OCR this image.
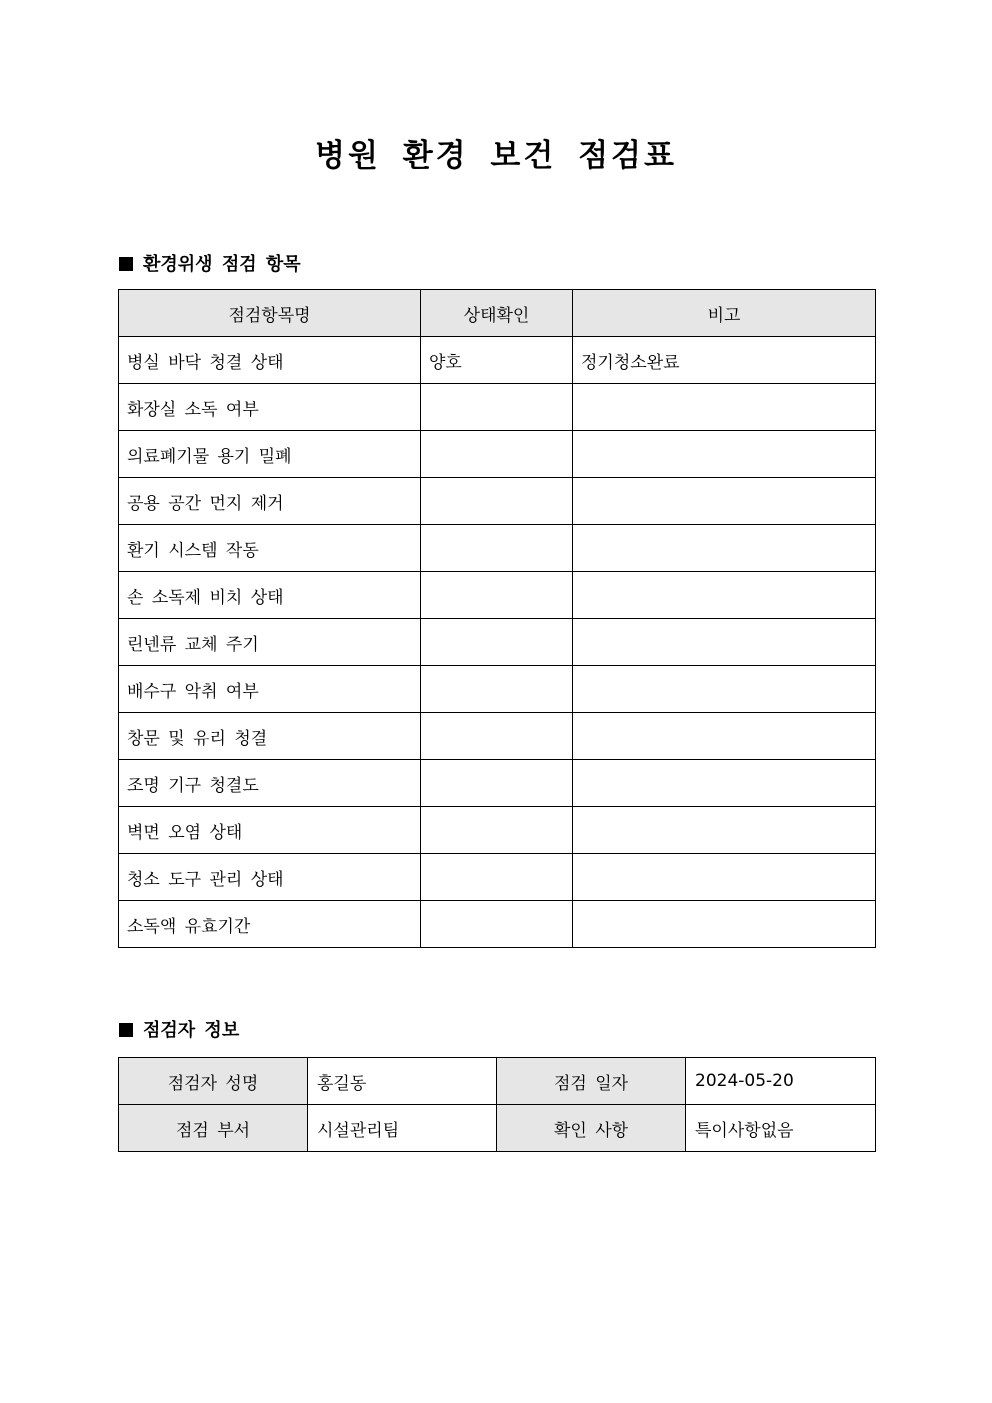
병원 환경 보건 점검표
환경위생 점검 항목
점검항목명	상태확인	비고
병실 바닥 청결 상태	양호	정기청소완료
화장실 소독 여부		
의료폐기물 용기 밀폐		
공용 공간 먼지 제거		
환기 시스템 작동		
손 소독제 비치 상태		
린넨류 교체 주기		
배수구 악취 여부		
창문 및 유리 청결		
조명 기구 청결도		
벽면 오염 상태		
청소 도구 관리 상태		
소독액 유효기간		
점검자 정보
점검자 성명	홍길동	점검 일자	2024-05-20
점검 부서	시설관리팀	확인 사항	특이사항없음
